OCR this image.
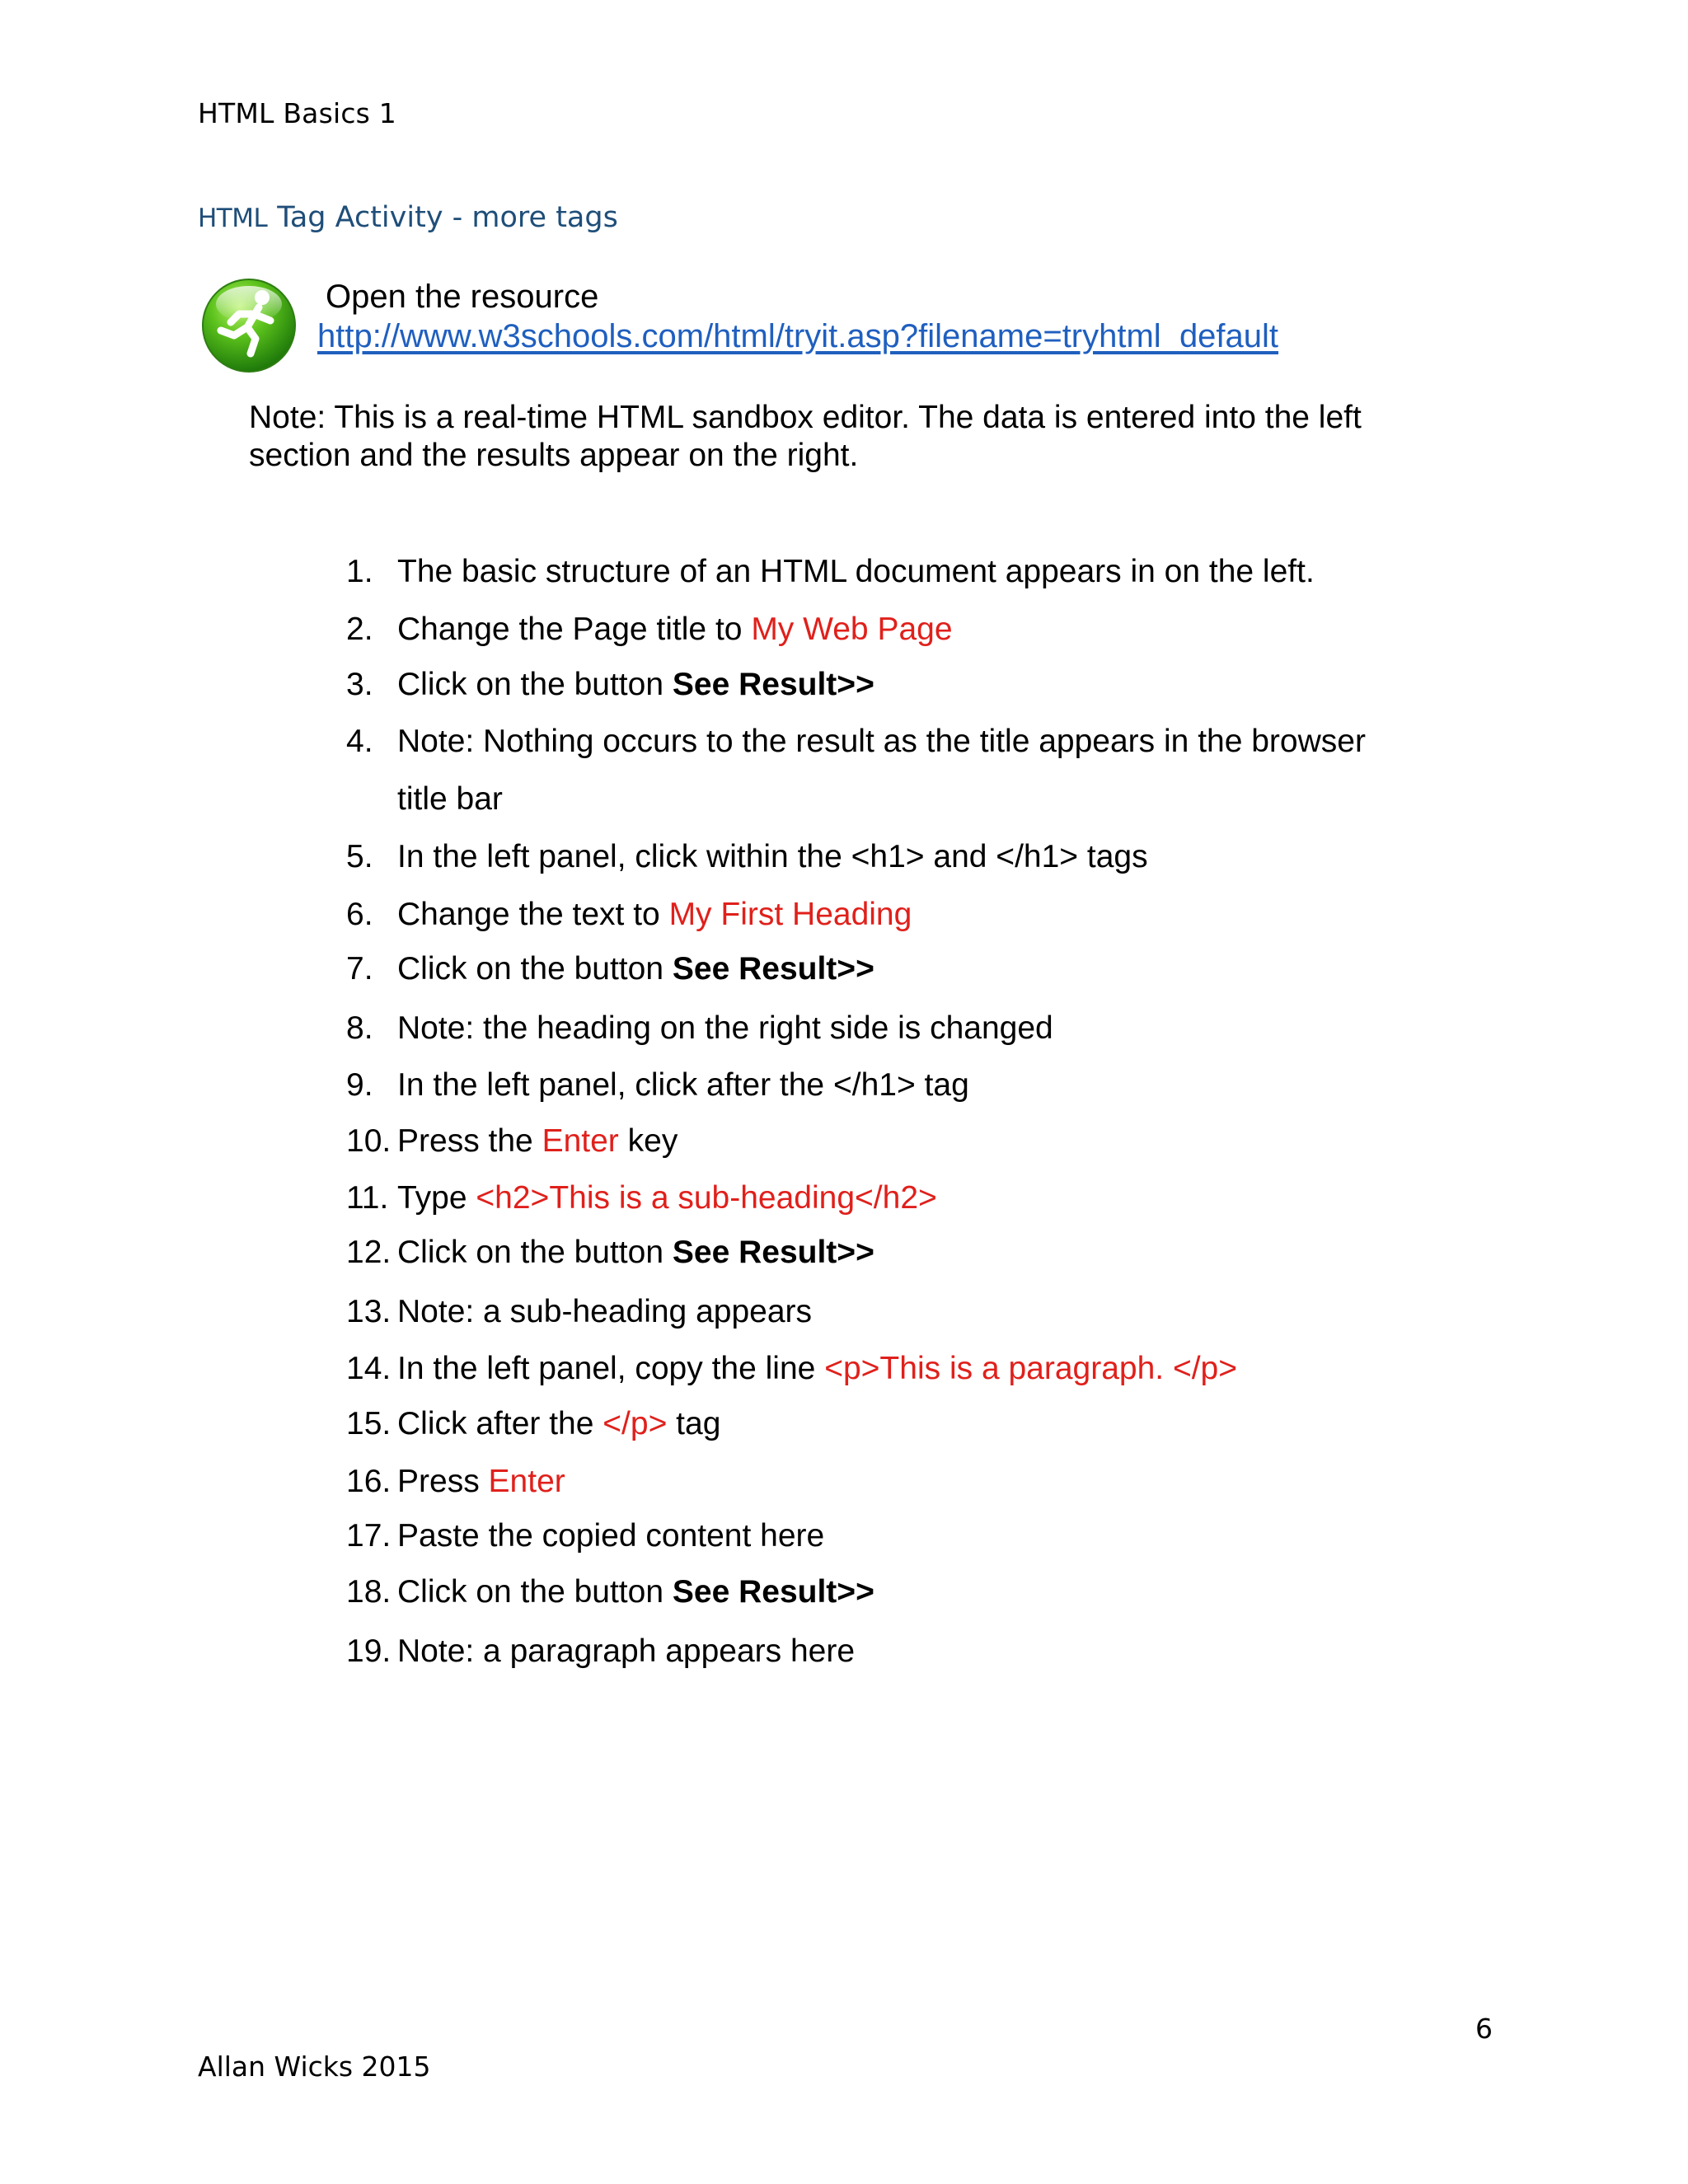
HTML Basics 1
HTML Tag Activity - more tags
Open the resource
http://www.w3schools.com/html/tryit.asp?filename=tryhtml_default
Note: This is a real-time HTML sandbox editor. The data is entered into the left
section and the results appear on the right.
1. The basic structure of an HTML document appears in on the left.
2. Change the Page title to My Web Page
3. Click on the button See Result>>
4. Note: Nothing occurs to the result as the title appears in the browser
title bar
5. In the left panel, click within the <h1> and </h1> tags
6. Change the text to My First Heading
7. Click on the button See Result>>
8. Note: the heading on the right side is changed
9. In the left panel, click after the </h1> tag
10. Press the Enter key
11. Type <h2>This is a sub-heading</h2>
12. Click on the button See Result>>
13. Note: a sub-heading appears
14. In the left panel, copy the line <p>This is a paragraph. </p>
15. Click after the </p> tag
16. Press Enter
17. Paste the copied content here
18. Click on the button See Result>>
19. Note: a paragraph appears here
6
Allan Wicks 2015
